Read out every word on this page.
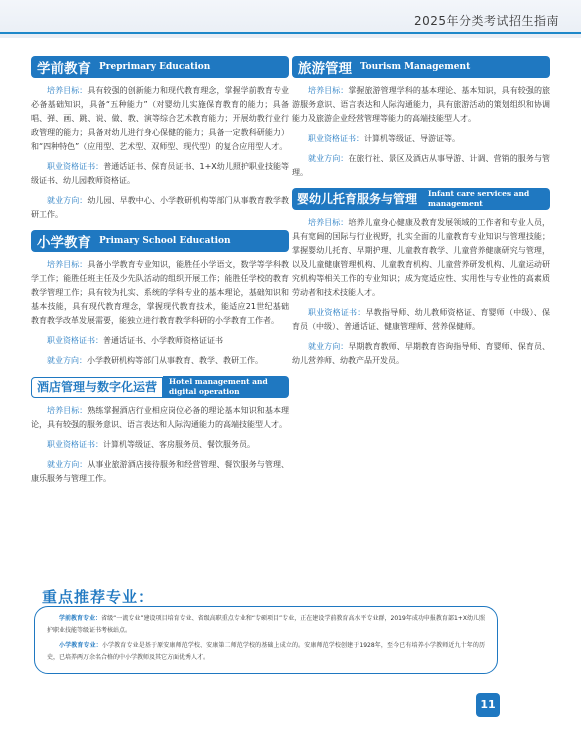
2025年分类考试招生指南
学前教育 Preprimary Education

培养目标：具有较强的创新能力和现代教育理念，掌握学前教育专业必备基础知识，具备“五种能力”（对婴幼儿实施保育教育的能力；具备唱、弹、画、跳、说、做、教、演等综合艺术教育能力；开展幼教行业行政管理的能力；具备对幼儿进行身心保健的能力；具备一定教科研能力）和“四种特色”（应用型、艺术型、双师型、现代型）的复合应用型人才。

职业资格证书：普通话证书、保育员证书、1+X幼儿照护职业技能等级证书、幼儿园教师资格证。

就业方向：幼儿园、早教中心、小学教研机构等部门从事教育教学教研工作。

小学教育 Primary School Education

培养目标：具备小学教育专业知识，能胜任小学语文，数学等学科教学工作；能胜任班主任及少先队活动的组织开展工作；能胜任学校的教育教学管理工作；具有较为扎实、系统的学科专业的基本理论，基础知识和基本技能，具有现代教育理念，掌握现代教育技术，能适应21世纪基础教育教学改革发展需要，能独立进行教育教学科研的小学教育工作者。

职业资格证书：普通话证书、小学教师资格证证书

就业方向：小学教研机构等部门从事教育、教学、教研工作。

酒店管理与数字化运营	Hotel management and digital operation

培养目标：熟练掌握酒店行业相应岗位必备的理论基本知识和基本理论，具有较强的服务意识、语言表达和人际沟通能力的高端技能型人才。

职业资格证书：计算机等级证、客房服务员、餐饮服务员。

就业方向：从事业旅游酒店接待服务和经营管理、餐饮服务与管理、康乐服务与管理工作。

旅游管理 Tourism Management

培养目标：掌握旅游管理学科的基本理论、基本知识，具有较强的旅游服务意识、语言表达和人际沟通能力，具有旅游活动的策划组织和协调能力及旅游企业经营管理等能力的高端技能型人才。

职业资格证书：计算机等级证、导游证等。

就业方向：在旅行社、景区及酒店从事导游、计调、营销的服务与管理。

婴幼儿托育服务与管理	Infant care services and management

培养目标：培养儿童身心健康及教育发展领域的工作者和专业人员，具有宽阔的国际与行业视野，扎实全面的儿童教育专业知识与管理技能；掌握婴幼儿托育、早期护理、儿童教育教学、儿童营养健康研究与管理，以及儿童健康管理机构、儿童教育机构、儿童营养研发机构、儿童运动研究机构等相关工作的专业知识；成为宽适应性、实用性与专业性的高素质劳动者和技术技能人才。

职业资格证书：早教指导师、幼儿教师资格证、育婴师（中级）、保育员（中级）、普通话证、健康管理师、营养保健师。

就业方向：早期教育教师、早期教育咨询指导师、育婴师、保育员、幼儿营养师、幼教产品开发员。

重点推荐专业：

学前教育专业：省级“一流专业”建设项目培育专业、省级高职重点专业和“专硕项目”专业，正在建设学前教育高水平专业群，2019年成功申报教育部1+X幼儿照护职业技能等级证书考核站点。

小学教育专业：小学教育专业是基于原安康师范学校、安康第二师范学校的基础上成立的。安康师范学校创建于1928年，至今已有培养小学教师近九十年的历史，已培养两万余名合格的中小学教师及其它方面优秀人才。

11
